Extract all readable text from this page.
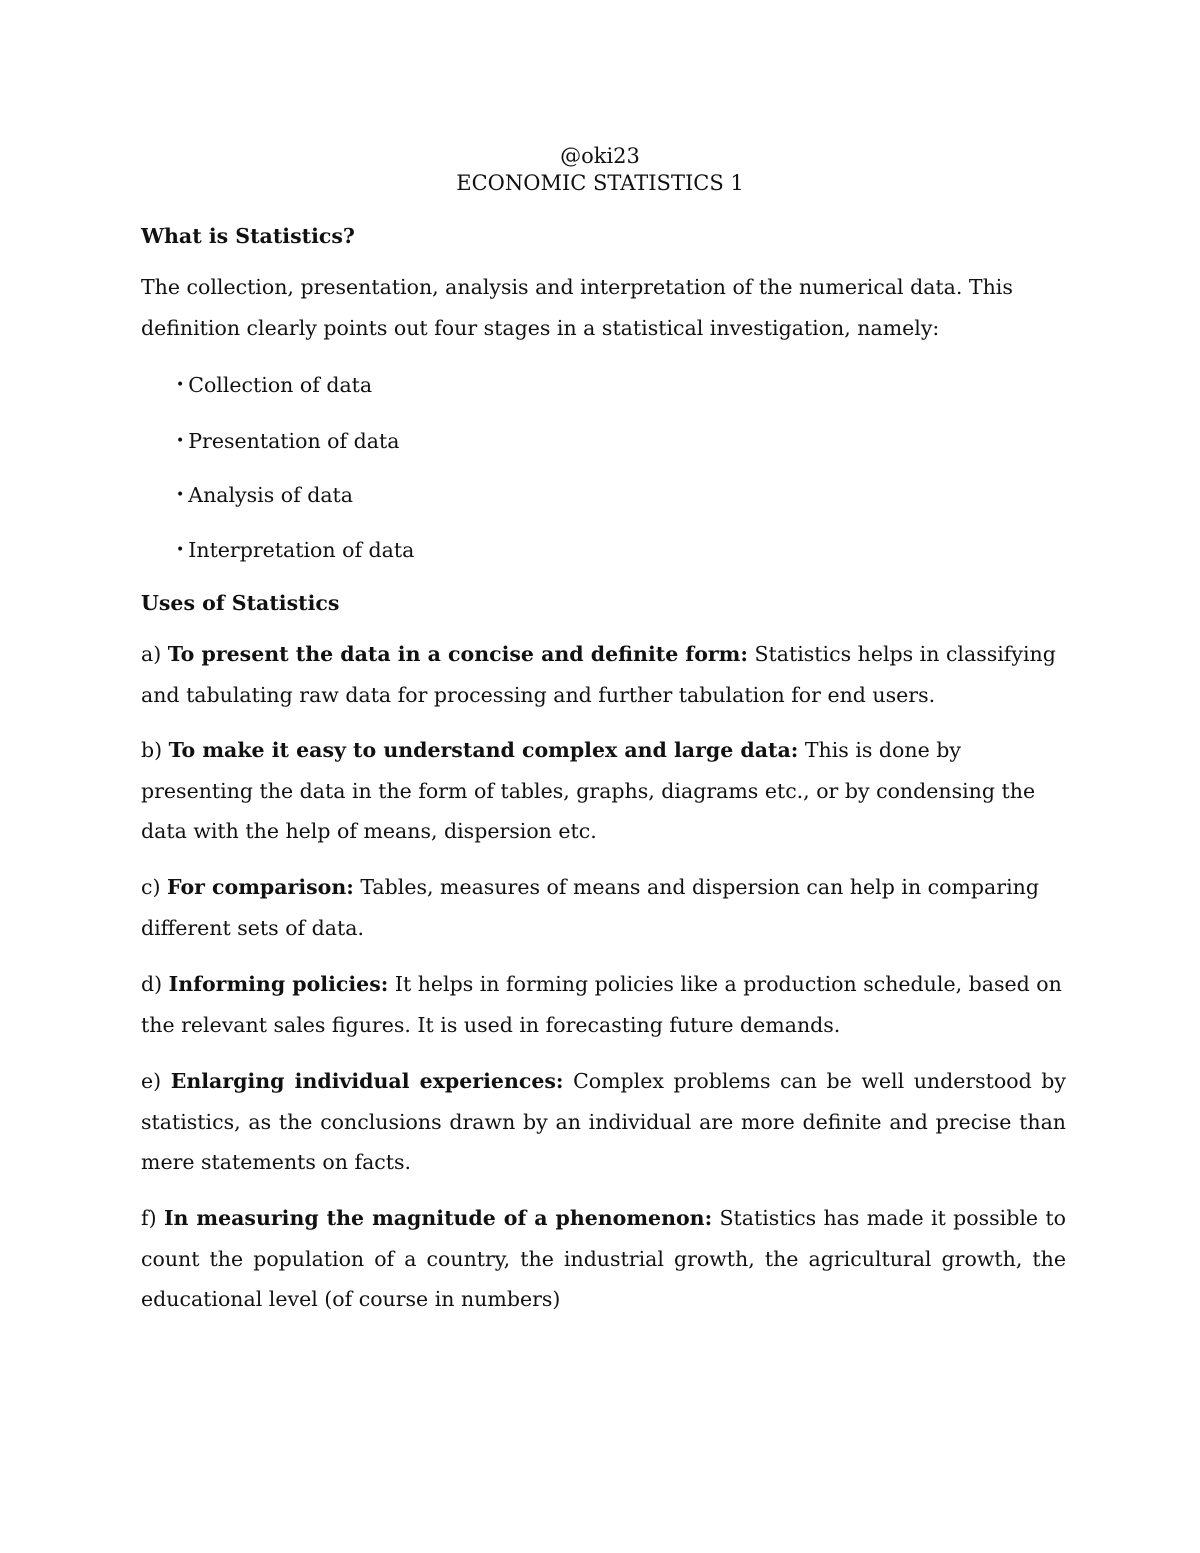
@oki23
ECONOMIC STATISTICS 1
What is Statistics?
The collection, presentation, analysis and interpretation of the numerical data. This definition clearly points out four stages in a statistical investigation, namely:
• Collection of data
• Presentation of data
• Analysis of data
• Interpretation of data
Uses of Statistics
a) To present the data in a concise and definite form: Statistics helps in classifying and tabulating raw data for processing and further tabulation for end users.
b) To make it easy to understand complex and large data: This is done by presenting the data in the form of tables, graphs, diagrams etc., or by condensing the data with the help of means, dispersion etc.
c) For comparison: Tables, measures of means and dispersion can help in comparing different sets of data.
d) Informing policies: It helps in forming policies like a production schedule, based on the relevant sales figures. It is used in forecasting future demands.
e) Enlarging individual experiences: Complex problems can be well understood by statistics, as the conclusions drawn by an individual are more definite and precise than mere statements on facts.
f) In measuring the magnitude of a phenomenon: Statistics has made it possible to count the population of a country, the industrial growth, the agricultural growth, the educational level (of course in numbers)
